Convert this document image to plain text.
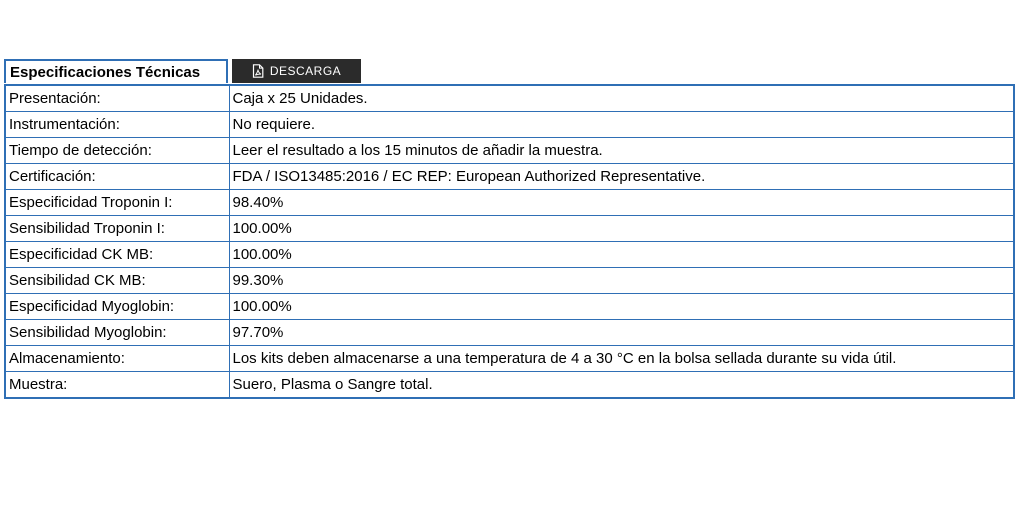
Especificaciones Técnicas	DESCARGA
Presentación:	Caja x 25 Unidades.
Instrumentación:	No requiere.
Tiempo de detección:	Leer el resultado a los 15 minutos de añadir la muestra.
Certificación:	FDA / ISO13485:2016 / EC REP: European Authorized Representative.
Especificidad Troponin I:	98.40%
Sensibilidad Troponin I:	100.00%
Especificidad CK MB:	100.00%
Sensibilidad CK MB:	99.30%
Especificidad Myoglobin:	100.00%
Sensibilidad Myoglobin:	97.70%
Almacenamiento:	Los kits deben almacenarse a una temperatura de 4 a 30 °C en la bolsa sellada durante su vida útil.
Muestra:	Suero, Plasma o Sangre total.
